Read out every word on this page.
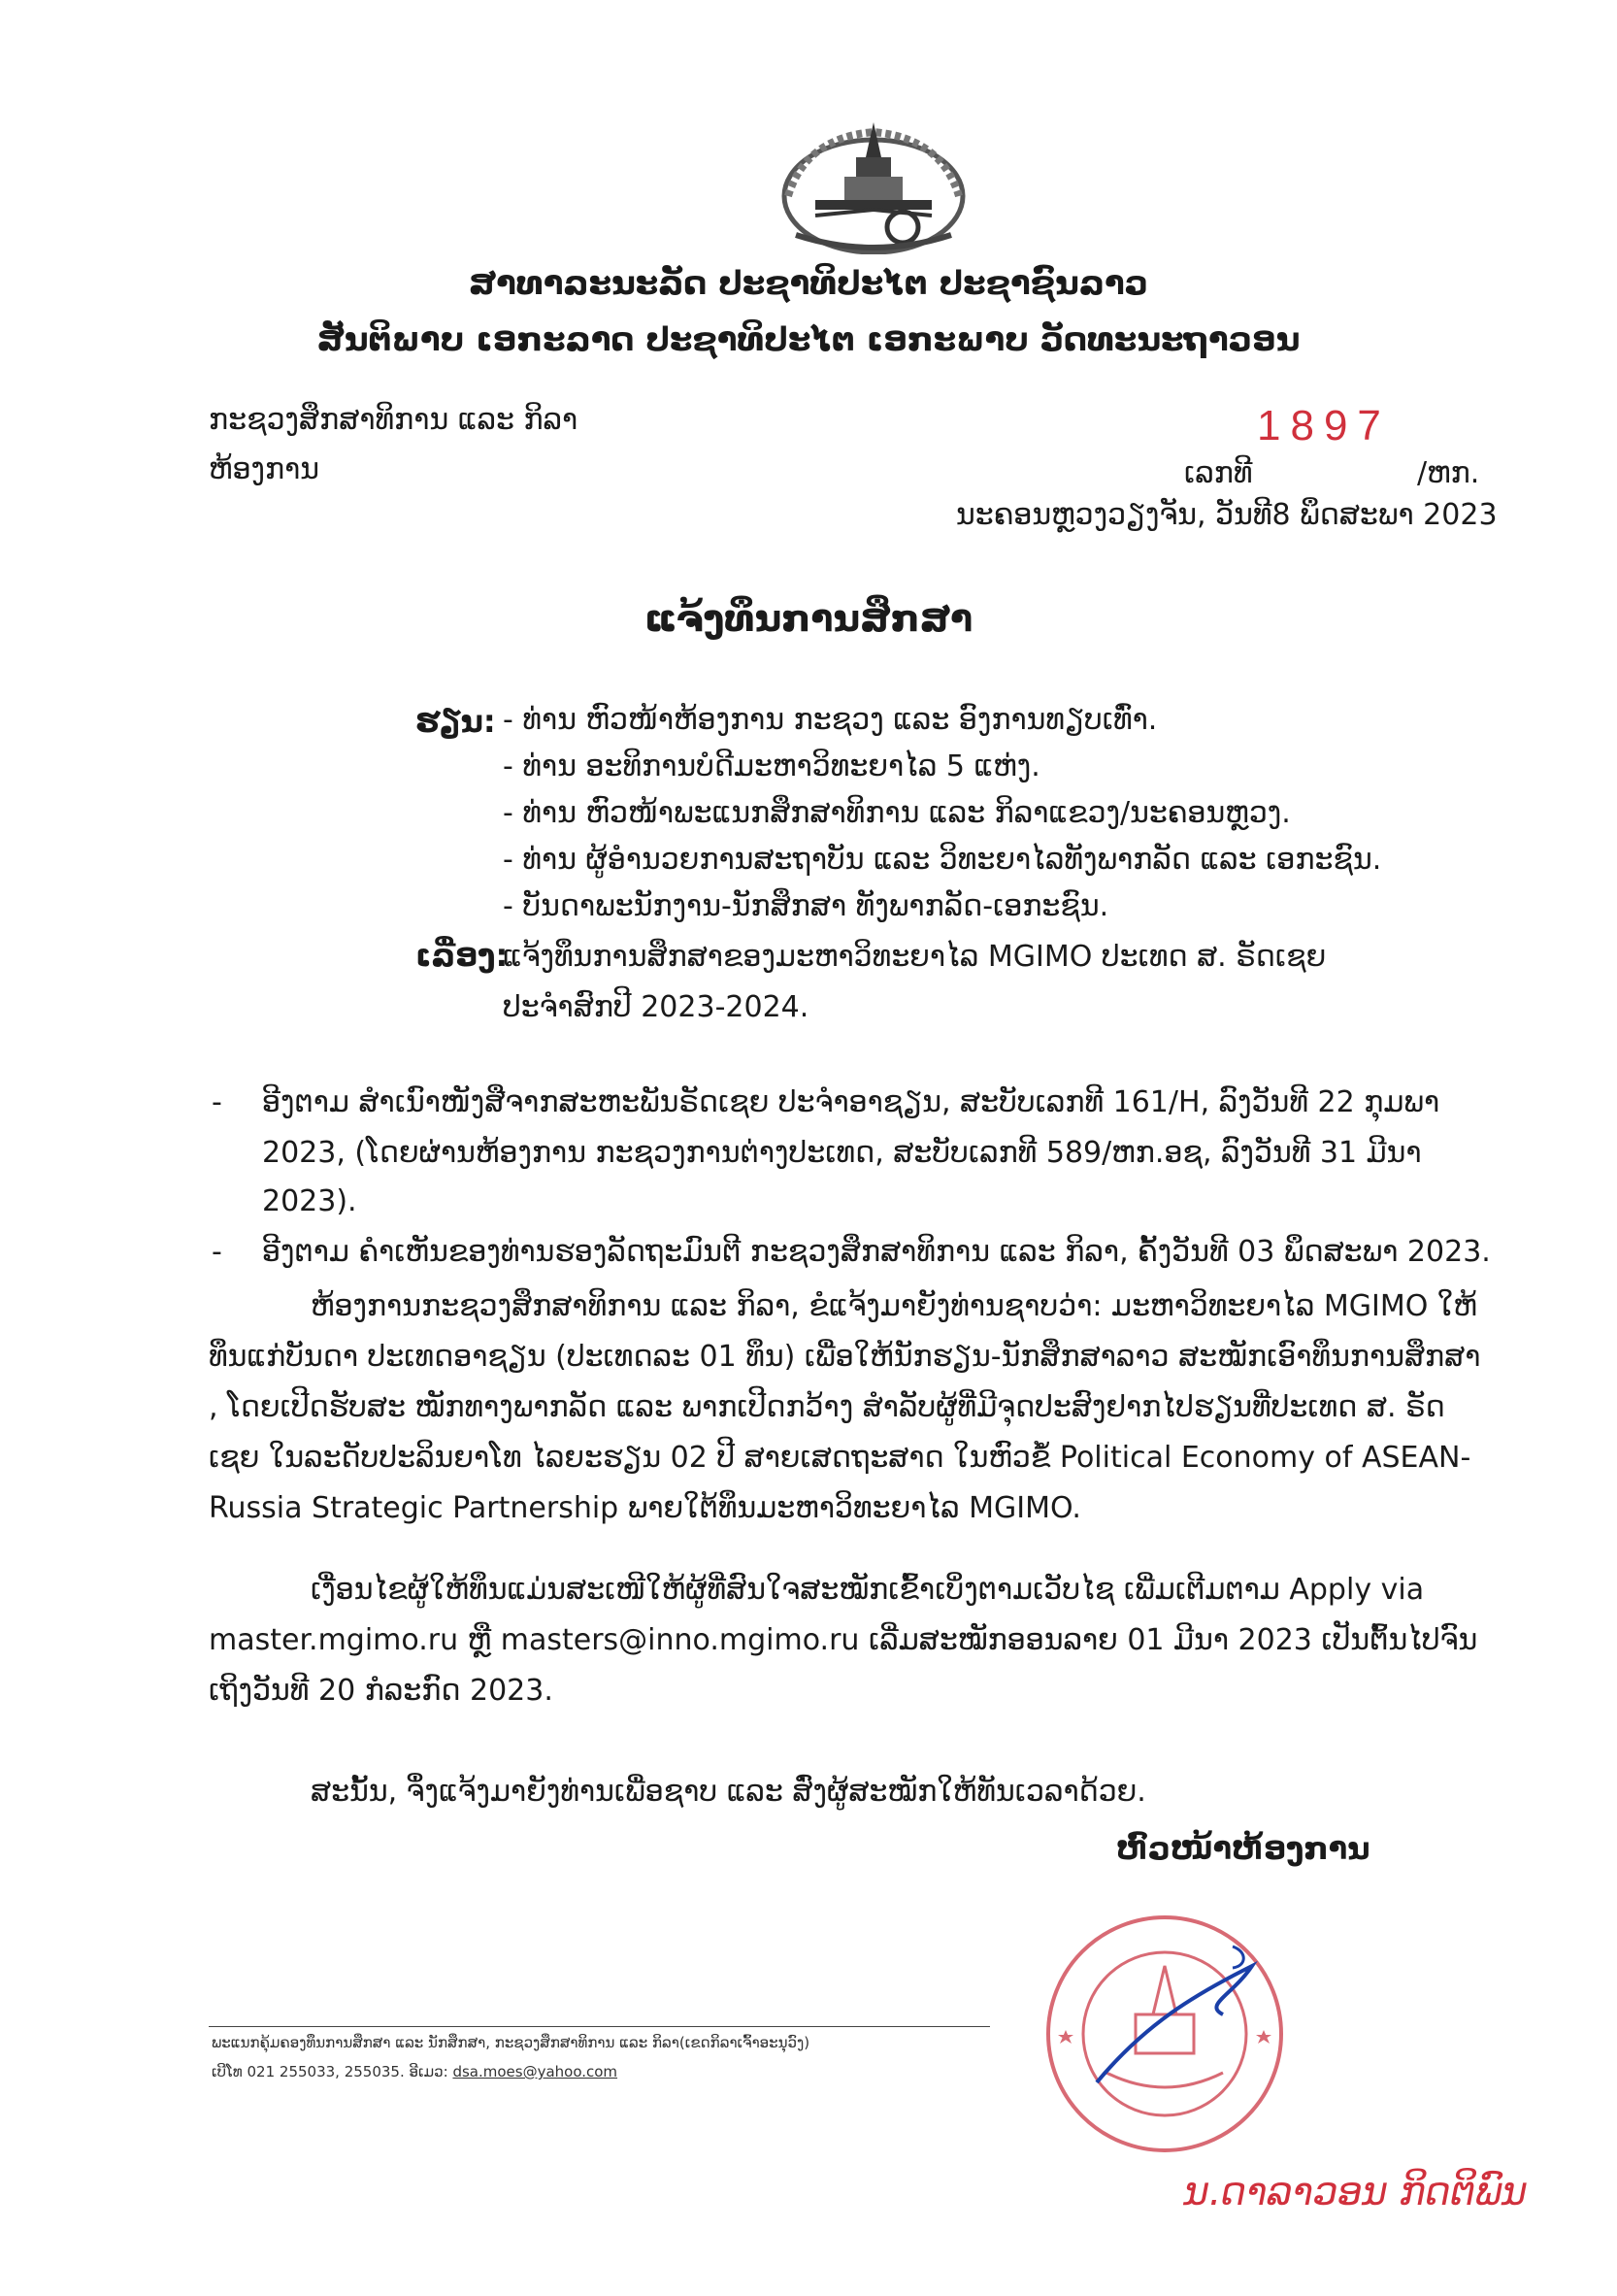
ສາທາລະນະລັດ ປະຊາທິປະໄຕ ປະຊາຊົນລາວ
ສັນຕິພາບ ເອກະລາດ ປະຊາທິປະໄຕ ເອກະພາບ ວັດທະນະຖາວອນ
ກະຊວງສຶກສາທິການ ແລະ ກິລາ
ຫ້ອງການ
1897
ເລກທີ	/ຫກ.
ນະຄອນຫຼວງວຽງຈັນ, ວັນທີ8 ພຶດສະພາ 2023
ແຈ້ງທຶນການສຶກສາ
ຮຽນ: - ທ່ານ ຫົວໜ້າຫ້ອງການ ກະຊວງ ແລະ ອົງການທຽບເທົ່າ.
- ທ່ານ ອະທິການບໍດີມະຫາວິທະຍາໄລ 5 ແຫ່ງ.
- ທ່ານ ຫົວໜ້າພະແນກສຶກສາທິການ ແລະ ກິລາແຂວງ/ນະຄອນຫຼວງ.
- ທ່ານ ຜູ້ອຳນວຍການສະຖາບັນ ແລະ ວິທະຍາໄລທັງພາກລັດ ແລະ ເອກະຊົນ.
- ບັນດາພະນັກງານ-ນັກສຶກສາ ທັງພາກລັດ-ເອກະຊົນ.
ເລື່ອງ:
ແຈ້ງທຶນການສຶກສາຂອງມະຫາວິທະຍາໄລ MGIMO ປະເທດ ສ. ຣັດເຊຍ
ປະຈຳສົກປີ 2023-2024.
- ອີງຕາມ ສຳເນົາໜັງສືຈາກສະຫະພັນຣັດເຊຍ ປະຈຳອາຊຽນ, ສະບັບເລກທີ 161/H, ລົງວັນທີ 22 ກຸມພາ
2023, (ໂດຍຜ່ານຫ້ອງການ ກະຊວງການຕ່າງປະເທດ, ສະບັບເລກທີ 589/ຫກ.ອຊ, ລົງວັນທີ 31 ມີນາ
2023).
- ອີງຕາມ ຄຳເຫັນຂອງທ່ານຮອງລັດຖະມົນຕີ ກະຊວງສຶກສາທິການ ແລະ ກິລາ, ຄັ້ງວັນທີ 03 ພຶດສະພາ 2023.
ຫ້ອງການກະຊວງສຶກສາທິການ ແລະ ກິລາ, ຂໍແຈ້ງມາຍັງທ່ານຊາບວ່າ: ມະຫາວິທະຍາໄລ MGIMO ໃຫ້
ທຶນແກ່ບັນດາ ປະເທດອາຊຽນ (ປະເທດລະ 01 ທຶນ) ເພື່ອໃຫ້ນັກຮຽນ-ນັກສຶກສາລາວ ສະໝັກເອົາທຶນການສຶກສາ
, ໂດຍເປີດຮັບສະ ໝັກທາງພາກລັດ ແລະ ພາກເປີດກວ້າງ ສຳລັບຜູ້ທີ່ມີຈຸດປະສົງຢາກໄປຮຽນທີ່ປະເທດ ສ. ຣັດ
ເຊຍ ໃນລະດັບປະລິນຍາໂທ ໄລຍະຮຽນ 02 ປີ ສາຍເສດຖະສາດ ໃນຫົວຂໍ້ Political Economy of ASEAN-
Russia Strategic Partnership ພາຍໃຕ້ທຶນມະຫາວິທະຍາໄລ MGIMO.
ເງື່ອນໄຂຜູ້ໃຫ້ທຶນແມ່ນສະເໜີໃຫ້ຜູ້ທີ່ສົນໃຈສະໝັກເຂົ້າເບິ່ງຕາມເວັບໄຊ ເພີ່ມເຕີມຕາມ Apply via
master.mgimo.ru ຫຼື masters@inno.mgimo.ru ເລີ່ມສະໝັກອອນລາຍ 01 ມີນາ 2023 ເປັນຕົ້ນໄປຈົນ
ເຖິງວັນທີ 20 ກໍລະກົດ 2023.
ສະນັ້ນ, ຈຶ່ງແຈ້ງມາຍັງທ່ານເພື່ອຊາບ ແລະ ສົ່ງຜູ້ສະໝັກໃຫ້ທັນເວລາດ້ວຍ.
ຫົວໜ້າຫ້ອງການ
ນ.ດາລາວອນ ກິດຕິພົນ
ພະແນກຄຸ້ມຄອງທຶນການສຶກສາ ແລະ ນັກສຶກສາ, ກະຊວງສຶກສາທິການ ແລະ ກິລາ(ເຂດກິລາເຈົ້າອະນຸວົງ)
ເບີໂທ 021 255033, 255035. ອີເມວ: dsa.moes@yahoo.com
